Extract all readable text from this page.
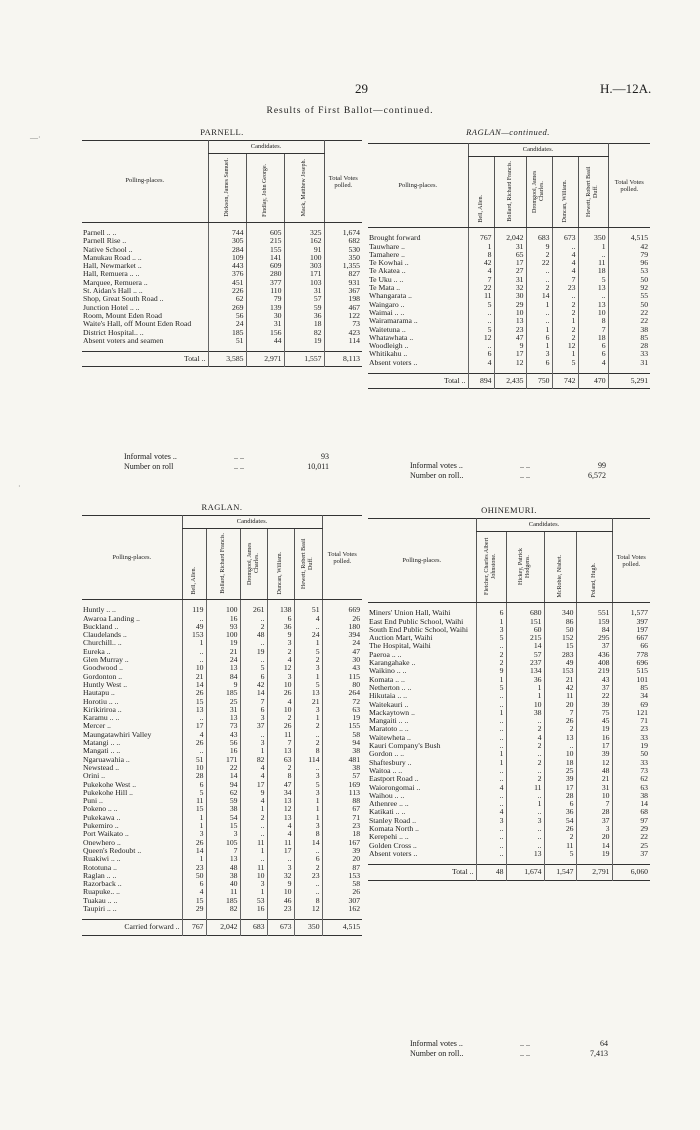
29	H.—12A.
Results of First Ballot—continued.
—·
·
PARNELL.
Polling-places.	Candidates.			Total Votes polled.
	Dickson, James Samuel.	Findlay, John George.	Mack, Matthew Joseph.	
Parnell .. ..	744	605	325	1,674
Parnell Rise ..	305	215	162	682
Native School ..	284	155	91	530
Manukau Road .. ..	109	141	100	350
Hall, Newmarket ..	443	609	303	1,355
Hall, Remuera .. ..	376	280	171	827
Marquee, Remuera ..	451	377	103	931
St. Aidan's Hall .. ..	226	110	31	367
Shop, Great South Road ..	62	79	57	198
Junction Hotel .. ..	269	139	59	467
Room, Mount Eden Road	56	30	36	122
Waite's Hall, off Mount Eden Road	24	31	18	73
District Hospital.. ..	185	156	82	423
Absent voters and seamen	51	44	19	114
Total ..	3,585	2,971	1,557	8,113
Informal votes ..	.. ..	93
Number on roll	.. ..	10,011
RAGLAN—continued.
Polling-places.	Candidates.					Total Votes polled.
	Bell, Allen.	Bollard, Richard Francis.	Dromgool, James Charles.	Duncan, William.	Hewett, Robert Basil Duff.	
Brought forward	767	2,042	683	673	350	4,515
Tauwhare ..	1	31	9	..	1	42
Tamahere ..	8	65	2	4	..	79
Te Kowhai ..	42	17	22	4	11	96
Te Akatea ..	4	27	..	4	18	53
Te Uku .. ..	7	31	..	7	5	50
Te Mata ..	22	32	2	23	13	92
Whangarata ..	11	30	14	..	..	55
Waingaro ..	5	29	1	2	13	50
Waimai .. ..	..	10	..	2	10	22
Wairamarama ..	..	13	..	1	8	22
Waitetuna ..	5	23	1	2	7	38
Whatawhata ..	12	47	6	2	18	85
Woodleigh ..	..	9	1	12	6	28
Whitikahu ..	6	17	3	1	6	33
Absent voters ..	4	12	6	5	4	31
Total ..	894	2,435	750	742	470	5,291
Informal votes ..	.. ..	99
Number on roll..	.. ..	6,572
RAGLAN.
Polling-places.	Candidates.					Total Votes polled.
	Bell, Allen.	Bollard, Richard Francis.	Dromgool, James Charles.	Duncan, William.	Hewett, Robert Basil Duff.	
Huntly .. ..	119	100	261	138	51	669
Awaroa Landing ..	..	16	..	6	4	26
Buckland ..	49	93	2	36	..	180
Claudelands ..	153	100	48	9	24	394
Churchill.. ..	1	19	..	3	1	24
Eureka ..	..	21	19	2	5	47
Glen Murray ..	..	24	..	4	2	30
Goodwood ..	10	13	5	12	3	43
Gordonton ..	21	84	6	3	1	115
Huntly West ..	14	9	42	10	5	80
Hautapu ..	26	185	14	26	13	264
Horotiu .. ..	15	25	7	4	21	72
Kirikiriroa ..	13	31	6	10	3	63
Karamu .. ..	..	13	3	2	1	19
Mercer ..	17	73	37	26	2	155
Maungatawhiri Valley	4	43	..	11	..	58
Matangi .. ..	26	56	3	7	2	94
Mangati .. ..	..	16	1	13	8	38
Ngaruawahia ..	51	171	82	63	114	481
Newstead ..	10	22	4	2	..	38
Orini ..	28	14	4	8	3	57
Pukekohe West ..	6	94	17	47	5	169
Pukekohe Hill ..	5	62	9	34	3	113
Puni ..	11	59	4	13	1	88
Pokeno .. ..	15	38	1	12	1	67
Pukekawa ..	1	54	2	13	1	71
Pukemiro ..	1	15	..	4	3	23
Port Waikato ..	3	3	..	4	8	18
Onewhero ..	26	105	11	11	14	167
Queen's Redoubt ..	14	7	1	17	..	39
Ruakiwi .. ..	1	13	..	..	6	20
Rototuna ..	23	48	11	3	2	87
Raglan .. ..	50	38	10	32	23	153
Razorback ..	6	40	3	9	..	58
Ruapuke.. ..	4	11	1	10	..	26
Tuakau .. ..	15	185	53	46	8	307
Taupiri .. ..	29	82	16	23	12	162
Carried forward ..	767	2,042	683	673	350	4,515
OHINEMURI.
Polling-places.	Candidates.				Total Votes polled.
	Fletcher, Charles Albert Johnstone.	Hickey, Patrick Hodgens.	McRobie, Nisbet.	Poland, Hugh.	
Miners' Union Hall, Waihi	6	680	340	551	1,577
East End Public School, Waihi	1	151	86	159	397
South End Public School, Waihi	3	60	50	84	197
Auction Mart, Waihi	5	215	152	295	667
The Hospital, Waihi	..	14	15	37	66
Paeroa .. ..	2	57	283	436	778
Karangahake ..	2	237	49	408	696
Waikino .. ..	9	134	153	219	515
Komata .. ..	1	36	21	43	101
Netherton .. ..	5	1	42	37	85
Hikutaia .. ..	..	1	11	22	34
Waitekauri ..	..	10	20	39	69
Mackaytown ..	1	38	7	75	121
Mangaiti .. ..	..	..	26	45	71
Maratoto .. ..	..	2	2	19	23
Waitewheta ..	..	4	13	16	33
Kauri Company's Bush	..	2	..	17	19
Gordon .. ..	1	..	10	39	50
Shaftesbury ..	1	2	18	12	33
Waitoa .. ..	..	..	25	48	73
Eastport Road ..	..	2	39	21	62
Waiorongomai ..	4	11	17	31	63
Waihou .. ..	..	..	28	10	38
Athenree .. ..	..	1	6	7	14
Katikati .. ..	4	..	36	28	68
Stanley Road ..	3	3	54	37	97
Komata North ..	..	..	26	3	29
Kerepehi .. ..	..	..	2	20	22
Golden Cross ..	..	..	11	14	25
Absent voters ..	..	13	5	19	37
Total ..	48	1,674	1,547	2,791	6,060
Informal votes ..	.. ..	64
Number on roll..	.. ..	7,413
